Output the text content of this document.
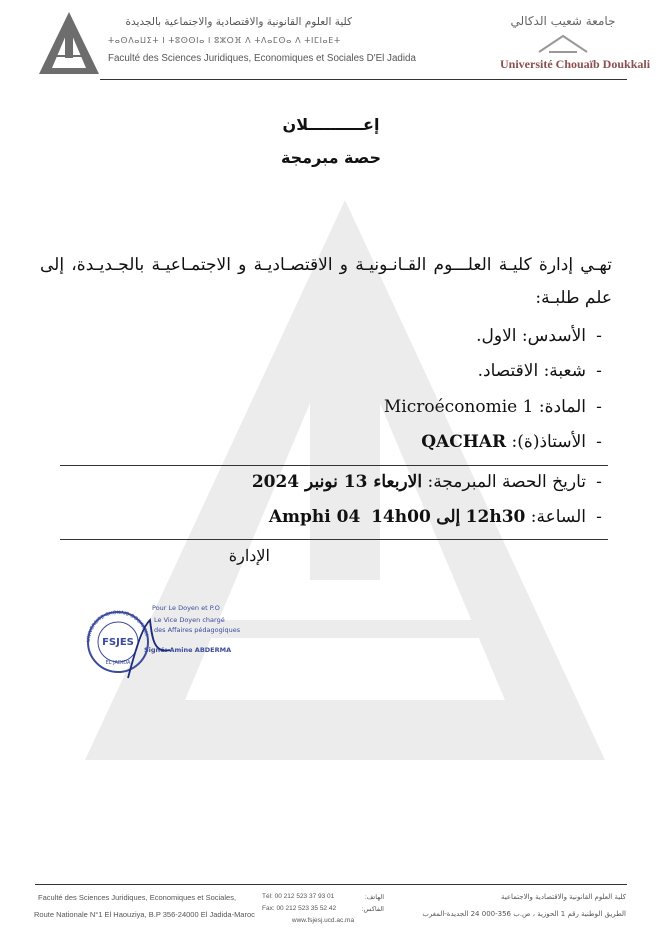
كلية العلوم القانونية والاقتصادية والاجتماعية بالجديدة
ⵜⴰⵙⴷⴰⵡⵉⵜ ⵏ ⵜⵓⵙⵙⵏⴰ ⵏ ⵓⵣⵔⴼ ⴷ ⵜⴷⴰⵎⵙⴰ ⴷ ⵜⵏⵎⵏⴰⴹⵜ
Faculté des Sciences Juridiques, Economiques et Sociales D'El Jadida
جامعة شعيب الدكالي
Université Chouaïb Doukkali
إعــــــــــلان
حصة مبرمجة
تهـي إدارة كليـة العلـــوم القـانـونيـة و الاقتصـاديـة و الاجتمـاعيـة بالجـديـدة، إلى
علم طلبـة:
-الأسدس: الاول.
-شعبة: الاقتصاد.
-المادة: Microéconomie 1
-الأستاذ(ة): QACHAR
-تاريخ الحصة المبرمجة: الاربعاء 13 نونبر 2024
-الساعة: 12h30 إلى 14h00  Amphi 04
الإدارة
UNIVERSITE CHOUAIB DOUKKALI
FSJES
EL JADIDA
Pour Le Doyen et P.O
Le Vice Doyen chargé
des Affaires pédagogiques
Signé: Amine ABDERMA
Faculté des Sciences Juridiques, Economiques et Sociales,
Route Nationale N°1 El Haouziya, B.P 356-24000 El Jadida-Maroc
Tél: 00 212 523 37 93 01	الهاتف:
Fax: 00 212 523 35 52 42	الفاكس:
www.fsjesj.ucd.ac.ma
كلية العلوم القانونية والاقتصادية والاجتماعية
الطريق الوطنية رقم 1 الحوزية ، ص.ب 356-000 24 الجديدة-المغرب
